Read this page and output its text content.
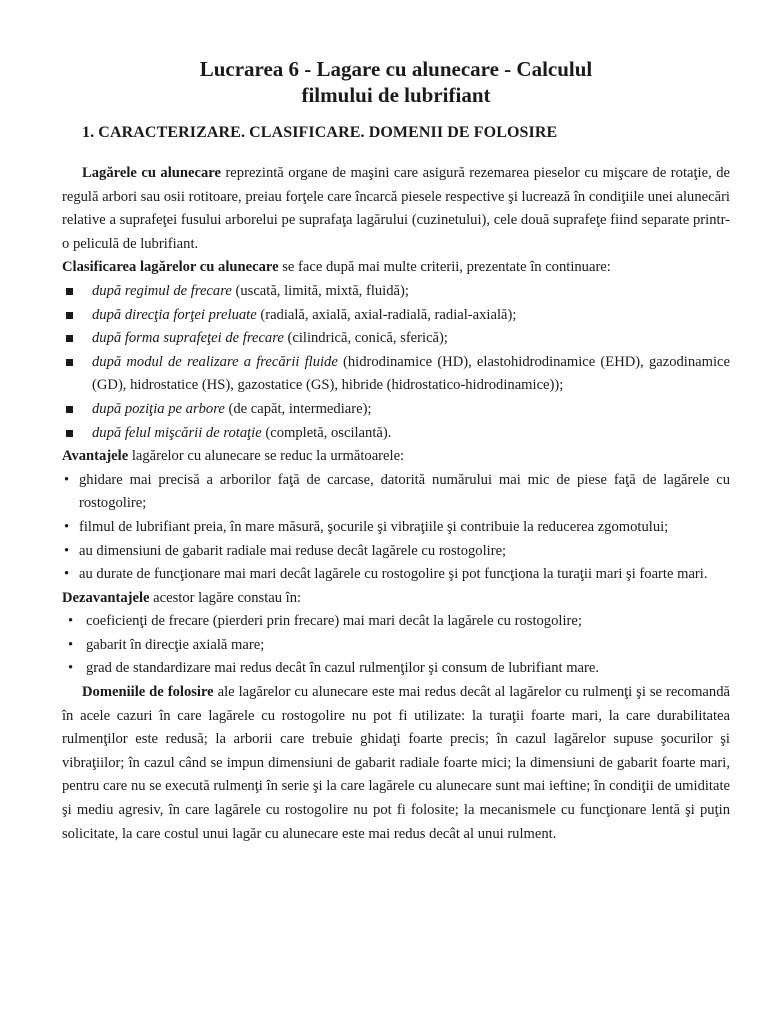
Lucrarea 6 - Lagare cu alunecare - Calculul
filmului de lubrifiant
1. CARACTERIZARE. CLASIFICARE. DOMENII DE FOLOSIRE

Lagărele cu alunecare reprezintă organe de maşini care asigură rezemarea pieselor cu mişcare de rotaţie, de regulă arbori sau osii rotitoare, preiau forţele care încarcă piesele respective şi lucrează în condiţiile unei alunecări relative a suprafeţei fusului arborelui pe suprafaţa lagărului (cuzinetului), cele două suprafeţe fiind separate printr-o peliculă de lubrifiant.

Clasificarea lagărelor cu alunecare se face după mai multe criterii, prezentate în continuare:

după regimul de frecare (uscată, limită, mixtă, fluidă);
după direcţia forţei preluate (radială, axială, axial-radială, radial-axială);
după forma suprafeţei de frecare (cilindrică, conică, sferică);
după modul de realizare a frecării fluide (hidrodinamice (HD), elastohidrodinamice (EHD), gazodinamice (GD), hidrostatice (HS), gazostatice (GS), hibride (hidrostatico-hidrodinamice));
după poziţia pe arbore (de capăt, intermediare);
după felul mişcării de rotaţie (completă, oscilantă).

Avantajele lagărelor cu alunecare se reduc la următoarele:

• ghidare mai precisă a arborilor faţă de carcase, datorită numărului mai mic de piese faţă de lagărele cu rostogolire;
• filmul de lubrifiant preia, în mare măsură, şocurile şi vibraţiile şi contribuie la reducerea zgomotului;
• au dimensiuni de gabarit radiale mai reduse decât lagărele cu rostogolire;
• au durate de funcţionare mai mari decât lagărele cu rostogolire şi pot funcţiona la turaţii mari şi foarte mari.

Dezavantajele acestor lagăre constau în:

• coeficienţi de frecare (pierderi prin frecare) mai mari decât la lagărele cu rostogolire;
• gabarit în direcţie axială mare;
• grad de standardizare mai redus decât în cazul rulmenţilor şi consum de lubrifiant mare.

Domeniile de folosire ale lagărelor cu alunecare este mai redus decât al lagărelor cu rulmenţi şi se recomandă în acele cazuri în care lagărele cu rostogolire nu pot fi utilizate: la turaţii foarte mari, la care durabilitatea rulmenţilor este redusă; la arborii care trebuie ghidaţi foarte precis; în cazul lagărelor supuse şocurilor şi vibraţiilor; în cazul când se impun dimensiuni de gabarit radiale foarte mici; la dimensiuni de gabarit foarte mari, pentru care nu se execută rulmenţi în serie şi la care lagărele cu alunecare sunt mai ieftine; în condiţii de umiditate şi mediu agresiv, în care lagărele cu rostogolire nu pot fi folosite; la mecanismele cu funcţionare lentă şi puţin solicitate, la care costul unui lagăr cu alunecare este mai redus decât al unui rulment.
